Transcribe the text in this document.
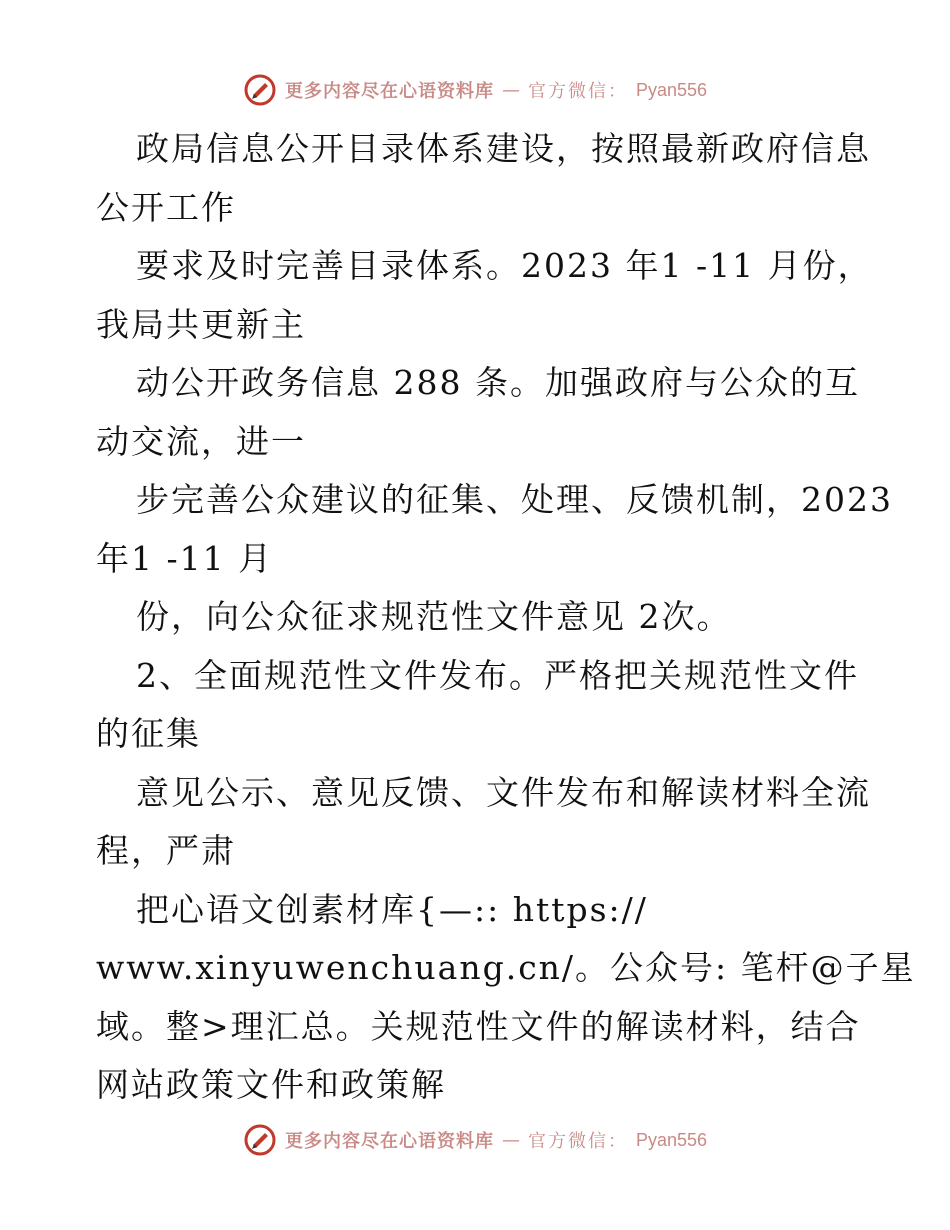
更多内容尽在心语资料库 — 官方微信： Pyan556
政局信息公开目录体系建设，按照最新政府信息
公开工作
要求及时完善目录体系。2023 年1 -11 月份，
我局共更新主
动公开政务信息 288 条。加强政府与公众的互
动交流，进一
步完善公众建议的征集、处理、反馈机制，2023
年1 -11 月
份，向公众征求规范性文件意见 2次。
2、全面规范性文件发布。严格把关规范性文件
的征集
意见公示、意见反馈、文件发布和解读材料全流
程，严肃
把心语文创素材库{—:: https://
www.xinyuwenchuang.cn/。公众号: 笔杆@子星
域。整>理汇总。关规范性文件的解读材料，结合
网站政策文件和政策解
更多内容尽在心语资料库 — 官方微信： Pyan556
